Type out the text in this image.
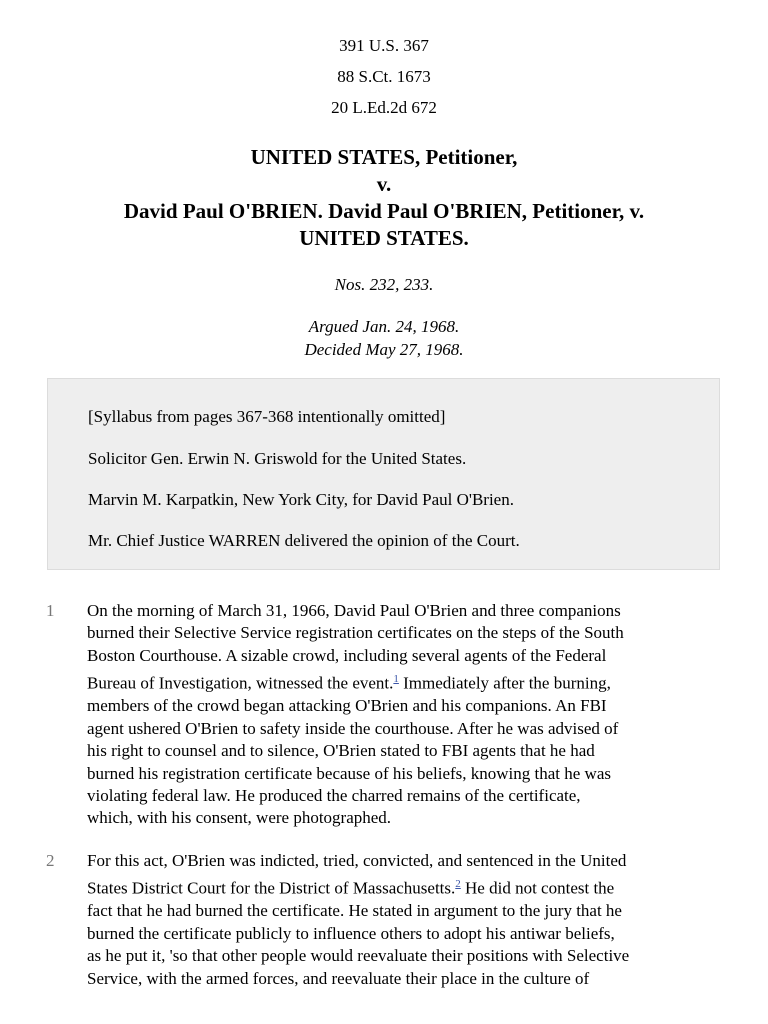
391 U.S. 367
88 S.Ct. 1673
20 L.Ed.2d 672
UNITED STATES, Petitioner,
v.
David Paul O'BRIEN. David Paul O'BRIEN, Petitioner, v.
UNITED STATES.
Nos. 232, 233.
Argued Jan. 24, 1968.
Decided May 27, 1968.

[Syllabus from pages 367-368 intentionally omitted]

Solicitor Gen. Erwin N. Griswold for the United States.

Marvin M. Karpatkin, New York City, for David Paul O'Brien.

Mr. Chief Justice WARREN delivered the opinion of the Court.

1 On the morning of March 31, 1966, David Paul O'Brien and three companions
burned their Selective Service registration certificates on the steps of the South
Boston Courthouse. A sizable crowd, including several agents of the Federal
Bureau of Investigation, witnessed the event.$^1$ Immediately after the burning,
members of the crowd began attacking O'Brien and his companions. An FBI
agent ushered O'Brien to safety inside the courthouse. After he was advised of
his right to counsel and to silence, O'Brien stated to FBI agents that he had
burned his registration certificate because of his beliefs, knowing that he was
violating federal law. He produced the charred remains of the certificate,
which, with his consent, were photographed.
2 For this act, O'Brien was indicted, tried, convicted, and sentenced in the United
States District Court for the District of Massachusetts.$^2$ He did not contest the
fact that he had burned the certificate. He stated in argument to the jury that he
burned the certificate publicly to influence others to adopt his antiwar beliefs,
as he put it, 'so that other people would reevaluate their positions with Selective
Service, with the armed forces, and reevaluate their place in the culture of
